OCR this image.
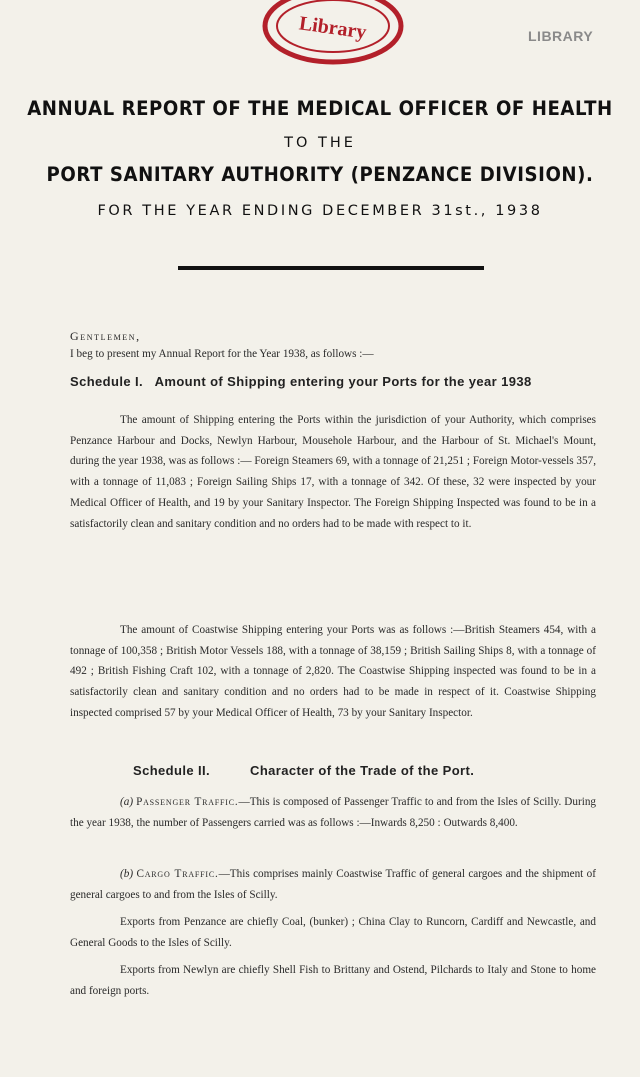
Library	LIBRARY
ANNUAL REPORT OF THE MEDICAL OFFICER OF HEALTH
TO THE
PORT SANITARY AUTHORITY (PENZANCE DIVISION).
FOR THE YEAR ENDING DECEMBER 31st., 1938
Gentlemen,
I beg to present my Annual Report for the Year 1938, as follows :—
Schedule I.   Amount of Shipping entering your Ports for the year 1938
The amount of Shipping entering the Ports within the jurisdiction of your Authority, which comprises Penzance Harbour and Docks, Newlyn Harbour, Mousehole Harbour, and the Harbour of St. Michael's Mount, during the year 1938, was as follows :— Foreign Steamers 69, with a tonnage of 21,251 ; Foreign Motor-vessels 357, with a tonnage of 11,083 ; Foreign Sailing Ships 17, with a tonnage of 342. Of these, 32 were inspected by your Medical Officer of Health, and 19 by your Sanitary Inspector. The Foreign Shipping Inspected was found to be in a satisfactorily clean and sanitary condition and no orders had to be made with respect to it.
The amount of Coastwise Shipping entering your Ports was as follows :—British Steamers 454, with a tonnage of 100,358 ; British Motor Vessels 188, with a tonnage of 38,159 ; British Sailing Ships 8, with a tonnage of 492 ; British Fishing Craft 102, with a tonnage of 2,820. The Coastwise Shipping inspected was found to be in a satisfactorily clean and sanitary condition and no orders had to be made in respect of it. Coastwise Shipping inspected comprised 57 by your Medical Officer of Health, 73 by your Sanitary Inspector.
Schedule II.	Character of the Trade of the Port.
(a) Passenger Traffic.—This is composed of Passenger Traffic to and from the Isles of Scilly. During the year 1938, the number of Passengers carried was as follows :—Inwards 8,250 : Outwards 8,400.
(b) Cargo Traffic.—This comprises mainly Coastwise Traffic of general cargoes and the shipment of general cargoes to and from the Isles of Scilly.
Exports from Penzance are chiefly Coal, (bunker) ; China Clay to Runcorn, Cardiff and Newcastle, and General Goods to the Isles of Scilly.
Exports from Newlyn are chiefly Shell Fish to Brittany and Ostend, Pilchards to Italy and Stone to home and foreign ports.
